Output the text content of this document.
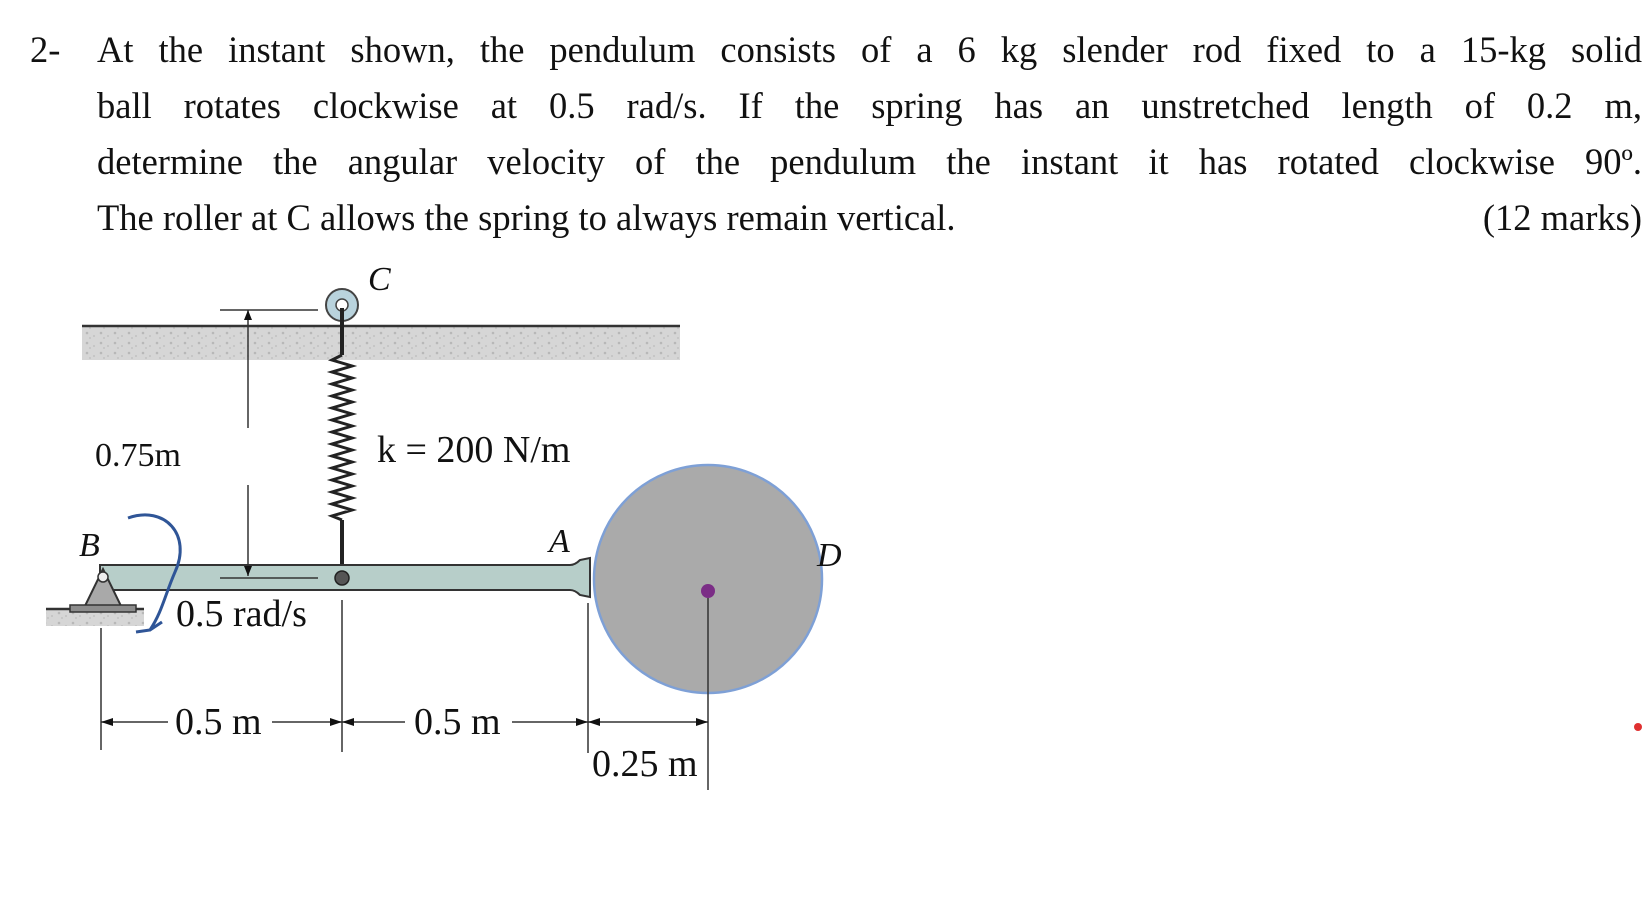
2- At the instant shown, the pendulum consists of a 6 kg slender rod fixed to a 15-kg solid
ball rotates clockwise at 0.5 rad/s. If the spring has an unstretched length of 0.2 m,
determine the angular velocity of the pendulum the instant it has rotated clockwise 90º.
The roller at C allows the spring to always remain vertical.	(12 marks)
C
B	A	D
k = 200 N/m
0.75m
0.5 rad/s
0.5 m	0.5 m
0.25 m
